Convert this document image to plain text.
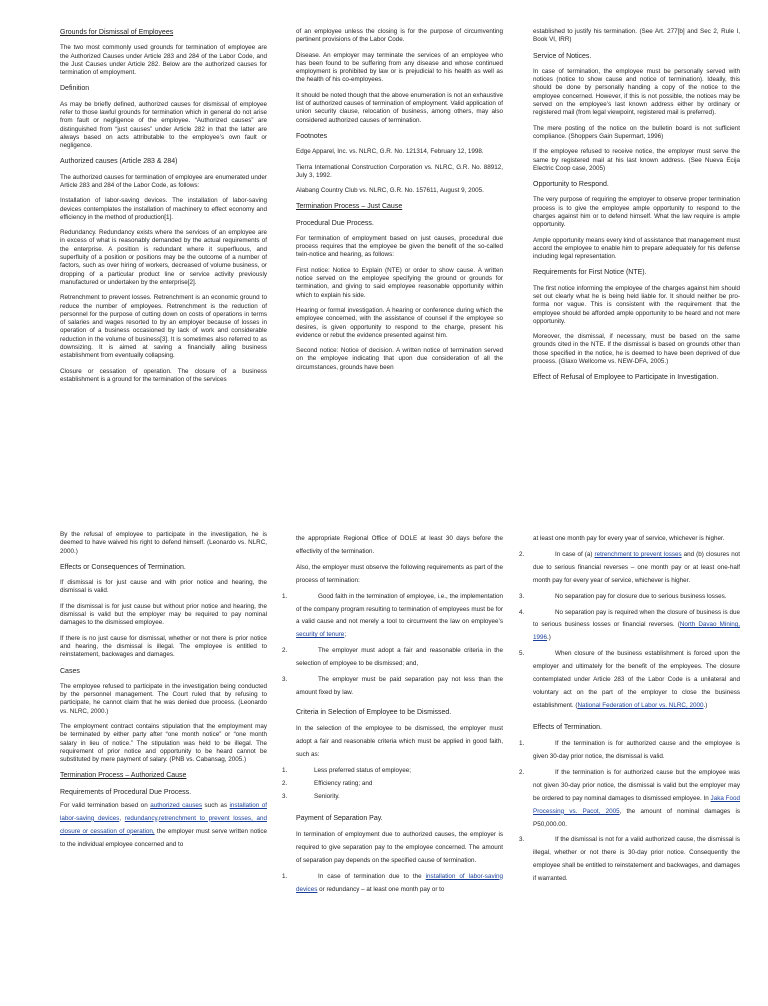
Grounds for Dismissal of Employees

The two most commonly used grounds for termination of employee are the Authorized Causes under Article 283 and 284 of the Labor Code, and the Just Causes under Article 282. Below are the authorized causes for termination of employment.

Definition

As may be briefly defined, authorized causes for dismissal of employee refer to those lawful grounds for termination which in general do not arise from fault or negligence of the employee. “Authorized causes” are distinguished from “just causes” under Article 282 in that the latter are always based on acts attributable to the employee’s own fault or negligence.

Authorized causes (Article 283 & 284)

The authorized causes for termination of employee are enumerated under Article 283 and 284 of the Labor Code, as follows:

Installation of labor-saving devices. The installation of labor-saving devices contemplates the installation of machinery to effect economy and efficiency in the method of production[1].

Redundancy. Redundancy exists where the services of an employee are in excess of what is reasonably demanded by the actual requirements of the enterprise. A position is redundant where it superfluous, and superfluity of a position or positions may be the outcome of a number of factors, such as over hiring of workers, decreased of volume business, or dropping of a particular product line or service activity previously manufactured or undertaken by the enterprise[2].

Retrenchment to prevent losses. Retrenchment is an economic ground to reduce the number of employees. Retrenchment is the reduction of personnel for the purpose of cutting down on costs of operations in terms of salaries and wages resorted to by an employer because of losses in operation of a business occasioned by lack of work and considerable reduction in the volume of business[3]. It is sometimes also referred to as downsizing. It is aimed at saving a financially ailing business establishment from eventually collapsing.

Closure or cessation of operation. The closure of a business establishment is a ground for the termination of the services

of an employee unless the closing is for the purpose of circumventing pertinent provisions of the Labor Code.

Disease. An employer may terminate the services of an employee who has been found to be suffering from any disease and whose continued employment is prohibited by law or is prejudicial to his health as well as the health of his co-employees.

It should be noted though that the above enumeration is not an exhaustive list of authorized causes of termination of employment. Valid application of union security clause, relocation of business, among others, may also considered authorized causes of termination.

Footnotes

Edge Apparel, Inc. vs. NLRC, G.R. No. 121314, February 12, 1998.

Tierra International Construction Corporation vs. NLRC, G.R. No. 88912, July 3, 1992.

Alabang Country Club vs. NLRC, G.R. No. 157611, August 9, 2005.

Termination Process – Just Cause

Procedural Due Process.

For termination of employment based on just causes, procedural due process requires that the employee be given the benefit of the so-called twin-notice and hearing, as follows:

First notice: Notice to Explain (NTE) or order to show cause. A written notice served on the employee specifying the ground or grounds for termination, and giving to said employee reasonable opportunity within which to explain his side.

Hearing or formal investigation. A hearing or conference during which the employee concerned, with the assistance of counsel if the employee so desires, is given opportunity to respond to the charge, present his evidence or rebut the evidence presented against him.

Second notice: Notice of decision. A written notice of termination served on the employee indicating that upon due consideration of all the circumstances, grounds have been

established to justify his termination. (See Art. 277[b] and Sec 2, Rule I, Book VI, IRR)

Service of Notices.

In case of termination, the employee must be personally served with notices (notice to show cause and notice of termination). Ideally, this should be done by personally handing a copy of the notice to the employee concerned. However, if this is not possible, the notices may be served on the employee’s last known address either by ordinary or registered mail (from legal viewpoint, registered mail is preferred).

The mere posting of the notice on the bulletin board is not sufficient compliance. (Shoppers Gain Supermart, 1996)

If the employee refused to receive notice, the employer must serve the same by registered mail at his last known address. (See Nueva Ecija Electric Coop case, 2005)

Opportunity to Respond.

The very purpose of requiring the employer to observe proper termination process is to give the employee ample opportunity to respond to the charges against him or to defend himself. What the law require is ample opportunity.

Ample opportunity means every kind of assistance that management must accord the employee to enable him to prepare adequately for his defense including legal representation.

Requirements for First Notice (NTE).

The first notice informing the employee of the charges against him should set out clearly what he is being held liable for. It should neither be pro-forma nor vague. This is consistent with the requirement that the employee should be afforded ample opportunity to be heard and not mere opportunity.

Moreover, the dismissal, if necessary, must be based on the same grounds cited in the NTE. If the dismissal is based on grounds other than those specified in the notice, he is deemed to have been deprived of due process. (Glaxo Wellcome vs. NEW-DFA, 2005.)

Effect of Refusal of Employee to Participate in Investigation.

By the refusal of employee to participate in the investigation, he is deemed to have waived his right to defend himself. (Leonardo vs. NLRC, 2000.)

Effects or Consequences of Termination.

If dismissal is for just cause and with prior notice and hearing, the dismissal is valid.

If the dismissal is for just cause but without prior notice and hearing, the dismissal is valid but the employer may be required to pay nominal damages to the dismissed employee.

If there is no just cause for dismissal, whether or not there is prior notice and hearing, the dismissal is illegal. The employee is entitled to reinstatement, backwages and damages.

Cases

The employee refused to participate in the investigation being conducted by the personnel management. The Court ruled that by refusing to participate, he cannot claim that he was denied due process. (Leonardo vs. NLRC, 2000.)

The employment contract contains stipulation that the employment may be terminated by either party after “one month notice” or “one month salary in lieu of notice.” The stipulation was held to be illegal. The requirement of prior notice and opportunity to be heard cannot be substituted by mere payment of salary. (PNB vs. Cabansag, 2005.)

Termination Process – Authorized Cause

Requirements of Procedural Due Process.

For valid termination based on authorized causes such as installation of labor-saving devices, redundancy,retrenchment to prevent losses, and closure or cessation of operation, the employer must serve written notice to the individual employee concerned and to

the appropriate Regional Office of DOLE at least 30 days before the effectivity of the termination.

Also, the employer must observe the following requirements as part of the process of termination:

1.	Good faith in the termination of employee, i.e., the implementation of the company program resulting to termination of employees must be for a valid cause and not merely a tool to circumvent the law on employee’s security of tenure;
2.	The employer must adopt a fair and reasonable criteria in the selection of employee to be dismissed; and,
3.	The employer must be paid separation pay not less than the amount fixed by law.

Criteria in Selection of Employee to be Dismissed.

In the selection of the employee to be dismissed, the employer must adopt a fair and reasonable criteria which must be applied in good faith, such as:

1.	Less preferred status of employee;
2.	Efficiency rating; and
3.	Seniority.

Payment of Separation Pay.

In termination of employment due to authorized causes, the employer is required to give separation pay to the employee concerned. The amount of separation pay depends on the specified cause of termination.

1.	In case of termination due to the installation of labor-saving devices or redundancy – at least one month pay or to

at least one month pay for every year of service, whichever is higher.

2.	In case of (a) retrenchment to prevent losses and (b) closures not due to serious financial reverses – one month pay or at least one-half month pay for every year of service, whichever is higher.
3.	No separation pay for closure due to serious business losses.
4.	No separation pay is required when the closure of business is due to serious business losses or financial reverses. (North Davao Mining, 1996.)
5.	When closure of the business establishment is forced upon the employer and ultimately for the benefit of the employees. The closure contemplated under Article 283 of the Labor Code is a unilateral and voluntary act on the part of the employer to close the business establishment. (National Federation of Labor vs. NLRC, 2000.)

Effects of Termination.

1.	If the termination is for authorized cause and the employee is given 30-day prior notice, the dismissal is valid.
2.	If the termination is for authorized cause but the employee was not given 30-day prior notice, the dismissal is valid but the employer may be ordered to pay nominal damages to dismissed employee. In Jaka Food Processing vs. Pacot, 2005, the amount of nominal damages is P50,000.00.
3.	If the dismissal is not for a valid authorized cause, the dismissal is illegal, whether or not there is 30-day prior notice. Consequently the employee shall be entitled to reinstatement and backwages, and damages if warranted.
